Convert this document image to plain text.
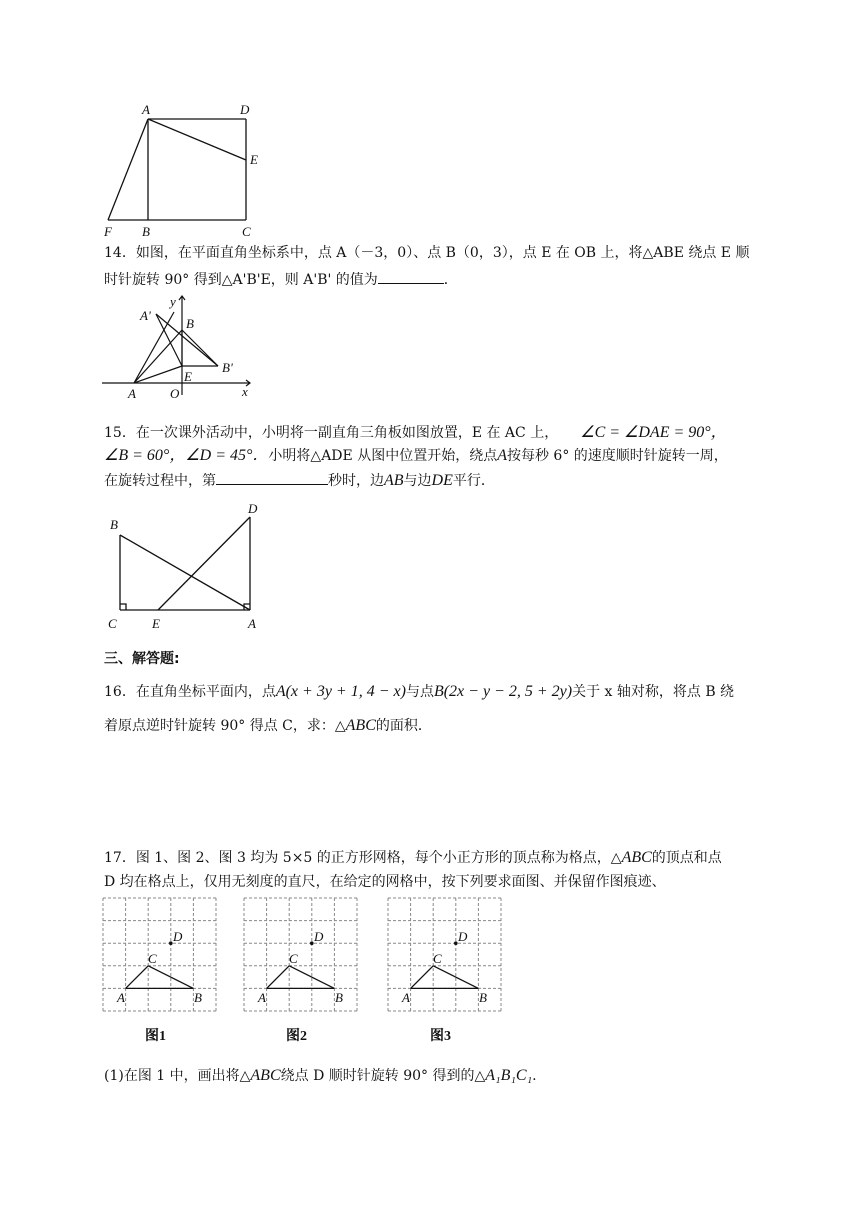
A	D
E
F B	C
14．如图，在平面直角坐标系中，点 A（－3，0）、点 B（0，3），点 E 在 OB 上，将△ABE 绕点 E 顺
时针旋转 90° 得到△A'B'E，则 A'B' 的值为	．
y
A'
B
B'
E
A	O	x
15．在一次课外活动中，小明将一副直角三角板如图放置，E 在 AC 上， ∠C = ∠DAE = 90°，
∠B = 60°，∠D = 45°．小明将△ADE 从图中位置开始，绕点A按每秒 6° 的速度顺时针旋转一周，
在旋转过程中，第	秒时，边AB与边DE平行．
B
D
C	E	A
三、解答题:
16．在直角坐标平面内，点A(x + 3y + 1, 4 − x)与点B(2x − y − 2, 5 + 2y)关于 x 轴对称，将点 B 绕
着原点逆时针旋转 90° 得点 C，求：△ABC的面积．
17．图 1、图 2、图 3 均为 5×5 的正方形网格，每个小正方形的顶点称为格点，△ABC的顶点和点
D 均在格点上，仅用无刻度的直尺，在给定的网格中，按下列要求面图、并保留作图痕迹、
A	B
C
D
图1
A	B
C
D
图2
A	B
C
D
图3
(1)在图 1 中，画出将△ABC绕点 D 顺时针旋转 90° 得到的△A₁B₁C₁.
